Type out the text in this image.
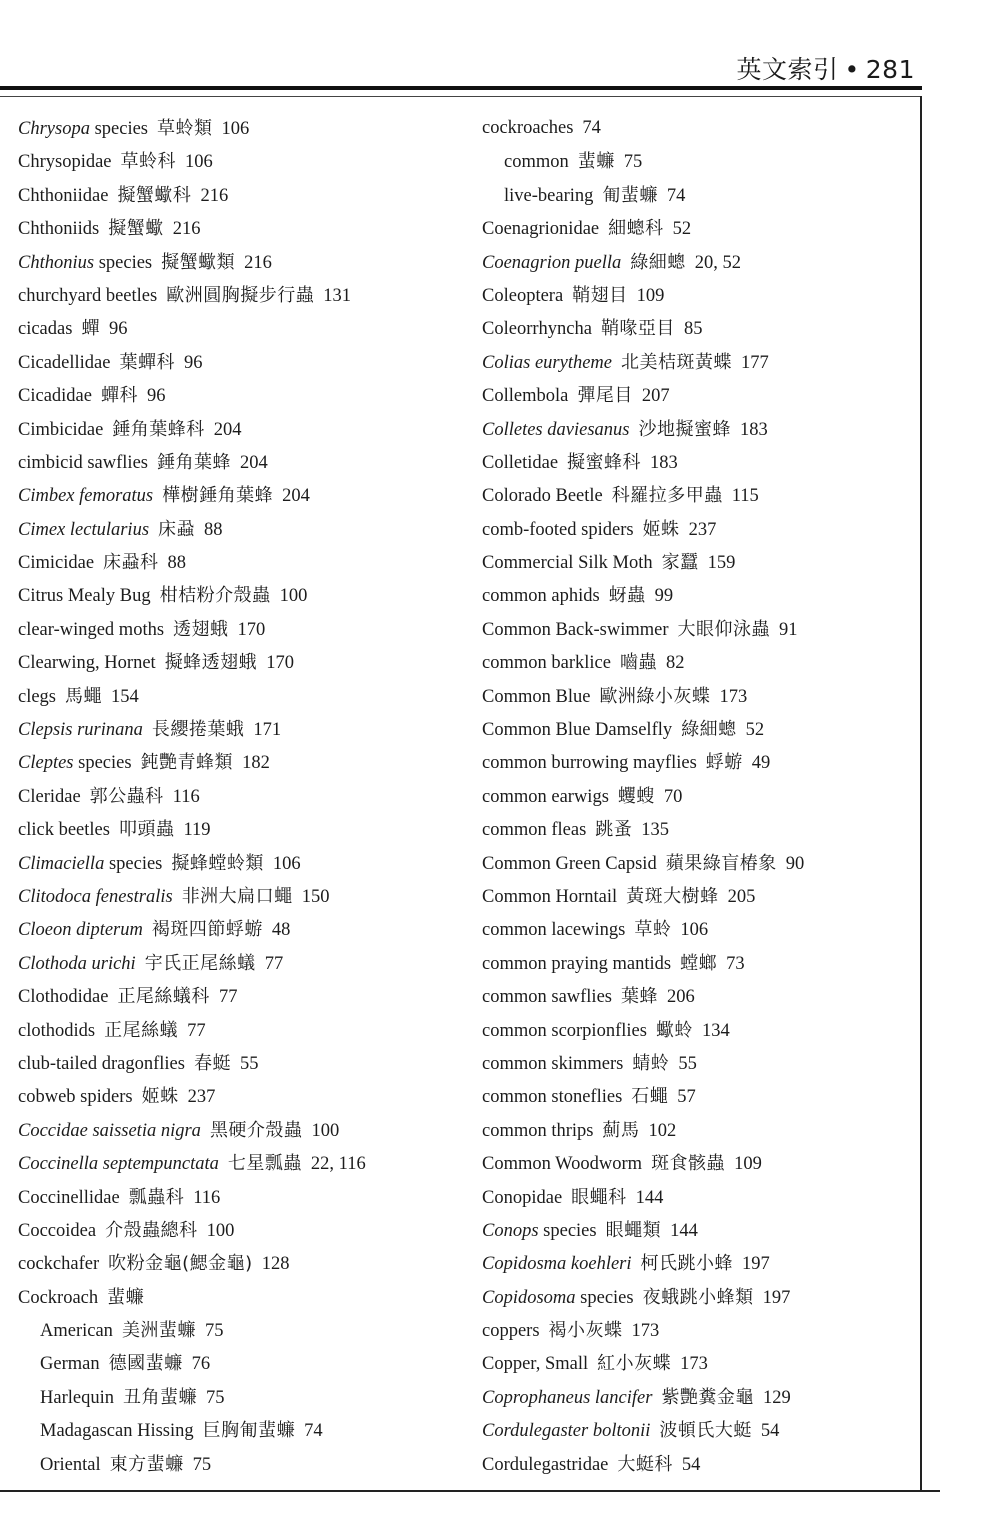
英文索引 • 281
Chrysopa species 草蛉類 106
Chrysopidae 草蛉科 106
Chthoniidae 擬蟹蠍科 216
Chthoniids 擬蟹蠍 216
Chthonius species 擬蟹蠍類 216
churchyard beetles 歐洲圓胸擬步行蟲 131
cicadas 蟬 96
Cicadellidae 葉蟬科 96
Cicadidae 蟬科 96
Cimbicidae 錘角葉蜂科 204
cimbicid sawflies 錘角葉蜂 204
Cimbex femoratus 樺樹錘角葉蜂 204
Cimex lectularius 床蝨 88
Cimicidae 床蝨科 88
Citrus Mealy Bug 柑桔粉介殼蟲 100
clear-winged moths 透翅蛾 170
Clearwing, Hornet 擬蜂透翅蛾 170
clegs 馬蠅 154
Clepsis rurinana 長纓捲葉蛾 171
Cleptes species 鈍艷青蜂類 182
Cleridae 郭公蟲科 116
click beetles 叩頭蟲 119
Climaciella species 擬蜂螳蛉類 106
Clitodoca fenestralis 非洲大扁口蠅 150
Cloeon dipterum 褐斑四節蜉蝣 48
Clothoda urichi 宇氏正尾絲蟻 77
Clothodidae 正尾絲蟻科 77
clothodids 正尾絲蟻 77
club-tailed dragonflies 春蜓 55
cobweb spiders 姬蛛 237
Coccidae saissetia nigra 黑硬介殼蟲 100
Coccinella septempunctata 七星瓢蟲 22, 116
Coccinellidae 瓢蟲科 116
Coccoidea 介殼蟲總科 100
cockchafer 吹粉金龜(鰓金龜) 128
Cockroach 蜚蠊
American 美洲蜚蠊 75
German 德國蜚蠊 76
Harlequin 丑角蜚蠊 75
Madagascan Hissing 巨胸匍蜚蠊 74
Oriental 東方蜚蠊 75
cockroaches 74
common 蜚蠊 75
live-bearing 匍蜚蠊 74
Coenagrionidae 細蟌科 52
Coenagrion puella 綠細蟌 20, 52
Coleoptera 鞘翅目 109
Coleorrhyncha 鞘喙亞目 85
Colias eurytheme 北美桔斑黃蝶 177
Collembola 彈尾目 207
Colletes daviesanus 沙地擬蜜蜂 183
Colletidae 擬蜜蜂科 183
Colorado Beetle 科羅拉多甲蟲 115
comb-footed spiders 姬蛛 237
Commercial Silk Moth 家蠶 159
common aphids 蚜蟲 99
Common Back-swimmer 大眼仰泳蟲 91
common barklice 嚙蟲 82
Common Blue 歐洲綠小灰蝶 173
Common Blue Damselfly 綠細蟌 52
common burrowing mayflies 蜉蝣 49
common earwigs 蠼螋 70
common fleas 跳蚤 135
Common Green Capsid 蘋果綠盲椿象 90
Common Horntail 黃斑大樹蜂 205
common lacewings 草蛉 106
common praying mantids 螳螂 73
common sawflies 葉蜂 206
common scorpionflies 蠍蛉 134
common skimmers 蜻蛉 55
common stoneflies 石蠅 57
common thrips 薊馬 102
Common Woodworm 斑食骸蟲 109
Conopidae 眼蠅科 144
Conops species 眼蠅類 144
Copidosma koehleri 柯氏跳小蜂 197
Copidosoma species 夜蛾跳小蜂類 197
coppers 褐小灰蝶 173
Copper, Small 紅小灰蝶 173
Coprophaneus lancifer 紫艷糞金龜 129
Cordulegaster boltonii 波頓氏大蜓 54
Cordulegastridae 大蜓科 54
